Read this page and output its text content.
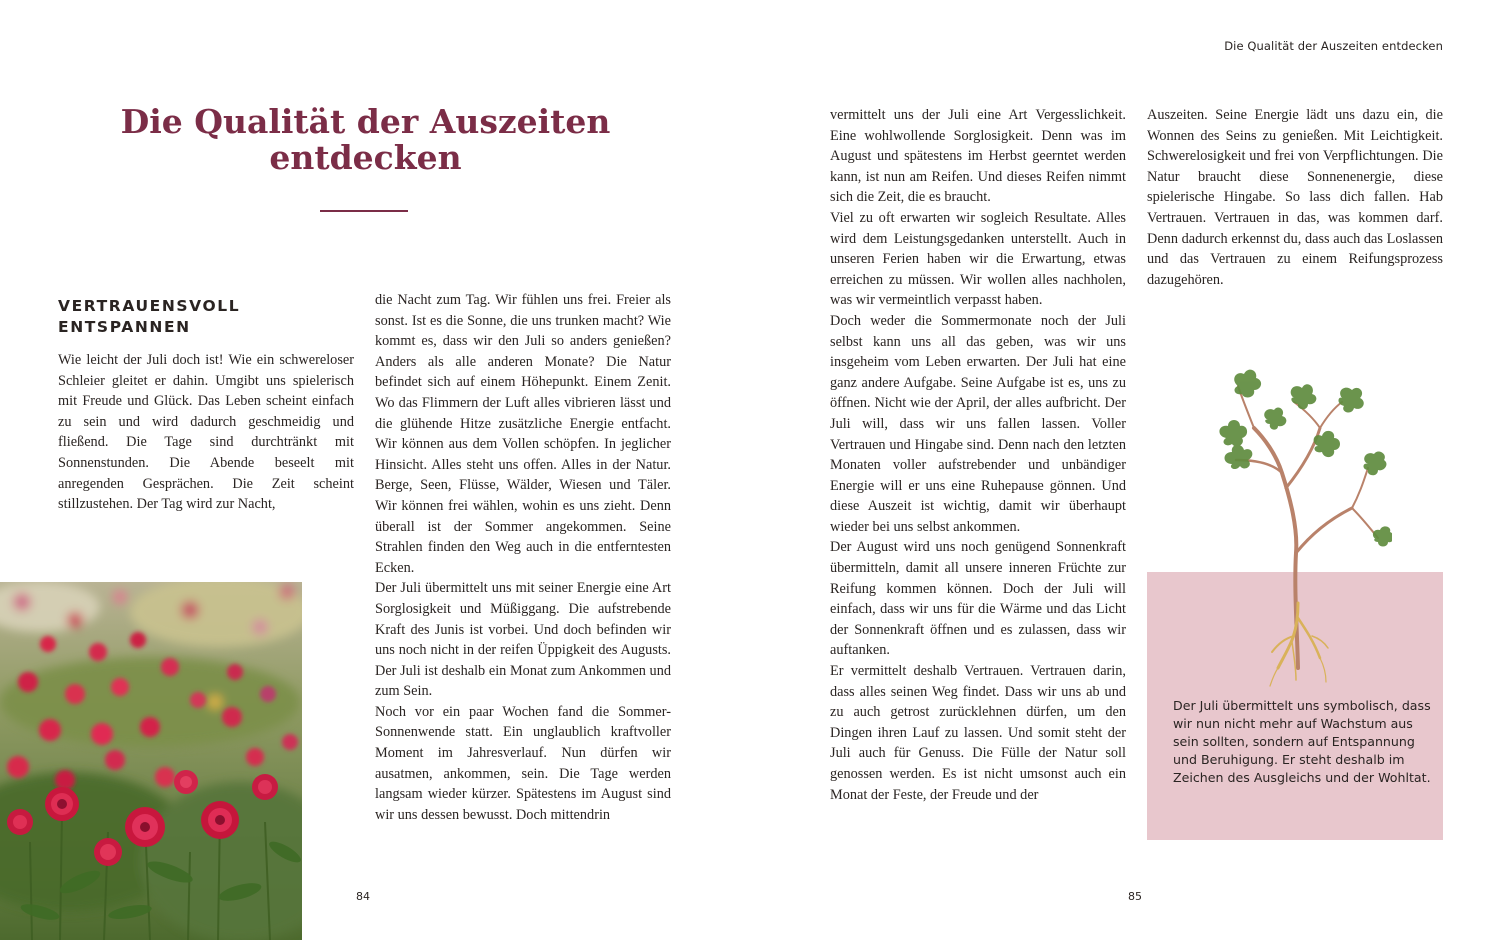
Die Qualität der Auszeiten entdecken
VERTRAUENSVOLL ENTSPANNEN

Wie leicht der Juli doch ist! Wie ein schwereloser Schleier gleitet er dahin. Umgibt uns spielerisch mit Freude und Glück. Das Leben scheint einfach zu sein und wird dadurch geschmeidig und fließend. Die Tage sind durchtränkt mit Sonnenstunden. Die Abende beseelt mit anregenden Gesprächen. Die Zeit scheint stillzustehen. Der Tag wird zur Nacht,

die Nacht zum Tag. Wir fühlen uns frei. Freier als sonst. Ist es die Sonne, die uns trunken macht? Wie kommt es, dass wir den Juli so anders genießen? Anders als alle anderen Monate? Die Natur befindet sich auf einem Höhepunkt. Einem Zenit. Wo das Flimmern der Luft alles vibrieren lässt und die glühende Hitze zusätzliche Energie entfacht. Wir können aus dem Vollen schöpfen. In jeglicher Hinsicht. Alles steht uns offen. Alles in der Natur. Berge, Seen, Flüsse, Wälder, Wiesen und Täler. Wir können frei wählen, wohin es uns zieht. Denn überall ist der Sommer angekommen. Seine Strahlen finden den Weg auch in die entferntesten Ecken.

Der Juli übermittelt uns mit seiner Energie eine Art Sorglosigkeit und Müßiggang. Die aufstrebende Kraft des Junis ist vorbei. Und doch befinden wir uns noch nicht in der reifen Üppigkeit des Augusts. Der Juli ist deshalb ein Monat zum Ankommen und zum Sein.

Noch vor ein paar Wochen fand die Sommer-Sonnenwende statt. Ein unglaublich kraftvoller Moment im Jahresverlauf. Nun dürfen wir ausatmen, ankommen, sein. Die Tage werden langsam wieder kürzer. Spätestens im August sind wir uns dessen bewusst. Doch mittendrin

84
Die Qualität der Auszeiten entdecken

vermittelt uns der Juli eine Art Vergesslichkeit. Eine wohlwollende Sorglosigkeit. Denn was im August und spätestens im Herbst geerntet werden kann, ist nun am Reifen. Und dieses Reifen nimmt sich die Zeit, die es braucht.

Viel zu oft erwarten wir sogleich Resultate. Alles wird dem Leistungsgedanken unterstellt. Auch in unseren Ferien haben wir die Erwartung, etwas erreichen zu müssen. Wir wollen alles nachholen, was wir vermeintlich verpasst haben.

Doch weder die Sommermonate noch der Juli selbst kann uns all das geben, was wir uns insgeheim vom Leben erwarten. Der Juli hat eine ganz andere Aufgabe. Seine Aufgabe ist es, uns zu öffnen. Nicht wie der April, der alles aufbricht. Der Juli will, dass wir uns fallen lassen. Voller Vertrauen und Hingabe sind. Denn nach den letzten Monaten voller aufstrebender und unbändiger Energie will er uns eine Ruhepause gönnen. Und diese Auszeit ist wichtig, damit wir überhaupt wieder bei uns selbst ankommen.

Der August wird uns noch genügend Sonnenkraft übermitteln, damit all unsere inneren Früchte zur Reifung kommen können. Doch der Juli will einfach, dass wir uns für die Wärme und das Licht der Sonnenkraft öffnen und es zulassen, dass wir auftanken.

Er vermittelt deshalb Vertrauen. Vertrauen darin, dass alles seinen Weg findet. Dass wir uns ab und zu auch getrost zurücklehnen dürfen, um den Dingen ihren Lauf zu lassen. Und somit steht der Juli auch für Genuss. Die Fülle der Natur soll genossen werden. Es ist nicht umsonst auch ein Monat der Feste, der Freude und der

Auszeiten. Seine Energie lädt uns dazu ein, die Wonnen des Seins zu genießen. Mit Leichtigkeit. Schwerelosigkeit und frei von Verpflichtungen. Die Natur braucht diese Sonnenenergie, diese spielerische Hingabe. So lass dich fallen. Hab Vertrauen. Vertrauen in das, was kommen darf. Denn dadurch erkennst du, dass auch das Loslassen und das Vertrauen zu einem Reifungsprozess dazugehören.

Der Juli übermittelt uns symbolisch, dass wir nun nicht mehr auf Wachstum aus sein sollten, sondern auf Entspannung und Beruhigung. Er steht deshalb im Zeichen des Ausgleichs und der Wohltat.

85
